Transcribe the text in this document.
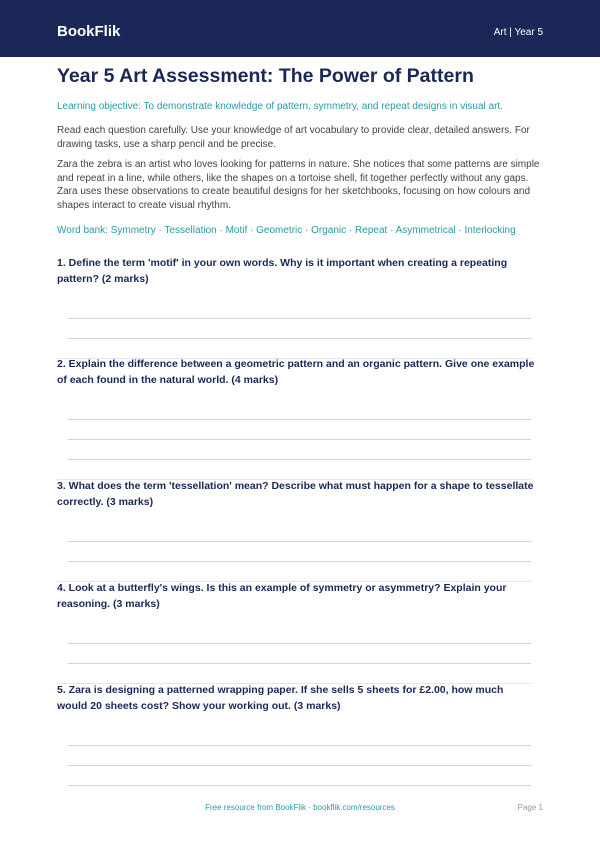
BookFlik	Art | Year 5
Year 5 Art Assessment: The Power of Pattern

Learning objective: To demonstrate knowledge of pattern, symmetry, and repeat designs in visual art.

Read each question carefully. Use your knowledge of art vocabulary to provide clear, detailed answers. For drawing tasks, use a sharp pencil and be precise.

Zara the zebra is an artist who loves looking for patterns in nature. She notices that some patterns are simple and repeat in a line, while others, like the shapes on a tortoise shell, fit together perfectly without any gaps. Zara uses these observations to create beautiful designs for her sketchbooks, focusing on how colours and shapes interact to create visual rhythm.

Word bank: Symmetry · Tessellation · Motif · Geometric · Organic · Repeat · Asymmetrical · Interlocking

1. Define the term 'motif' in your own words. Why is it important when creating a repeating pattern? (2 marks)

2. Explain the difference between a geometric pattern and an organic pattern. Give one example of each found in the natural world. (4 marks)

3. What does the term 'tessellation' mean? Describe what must happen for a shape to tessellate correctly. (3 marks)

4. Look at a butterfly's wings. Is this an example of symmetry or asymmetry? Explain your reasoning. (3 marks)

5. Zara is designing a patterned wrapping paper. If she sells 5 sheets for £2.00, how much would 20 sheets cost? Show your working out. (3 marks)

Free resource from BookFlik · bookflik.com/resources	Page 1
